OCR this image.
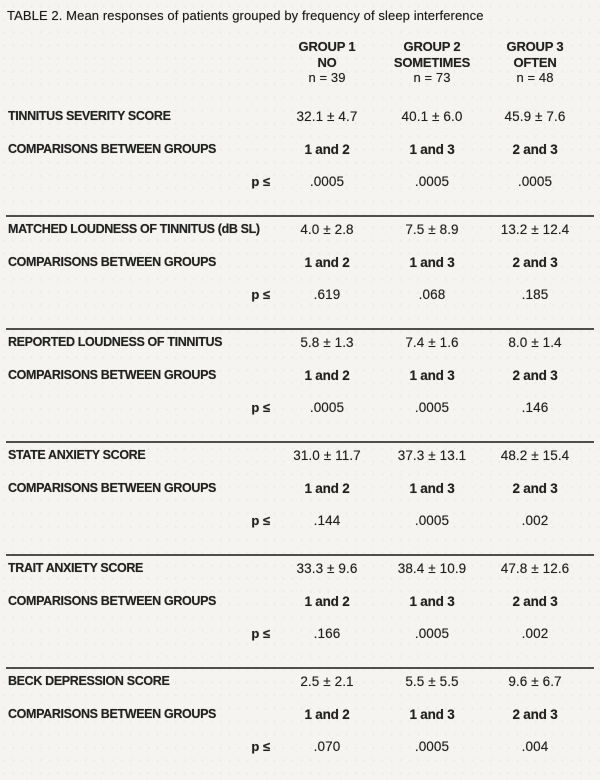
TABLE 2. Mean responses of patients grouped by frequency of sleep interference
GROUP 1
NO
n = 39
GROUP 2
SOMETIMES
n = 73
GROUP 3
OFTEN
n = 48
TINNITUS SEVERITY SCORE	32.1 ± 4.7	40.1 ± 6.0	45.9 ± 7.6
COMPARISONS BETWEEN GROUPS	1 and 2	1 and 3	2 and 3
p ≤	.0005	.0005	.0005
MATCHED LOUDNESS OF TINNITUS (dB SL)	4.0 ± 2.8	7.5 ± 8.9	13.2 ± 12.4
COMPARISONS BETWEEN GROUPS	1 and 2	1 and 3	2 and 3
p ≤	.619	.068	.185
REPORTED LOUDNESS OF TINNITUS	5.8 ± 1.3	7.4 ± 1.6	8.0 ± 1.4
COMPARISONS BETWEEN GROUPS	1 and 2	1 and 3	2 and 3
p ≤	.0005	.0005	.146
STATE ANXIETY SCORE	31.0 ± 11.7	37.3 ± 13.1	48.2 ± 15.4
COMPARISONS BETWEEN GROUPS	1 and 2	1 and 3	2 and 3
p ≤	.144	.0005	.002
TRAIT ANXIETY SCORE	33.3 ± 9.6	38.4 ± 10.9	47.8 ± 12.6
COMPARISONS BETWEEN GROUPS	1 and 2	1 and 3	2 and 3
p ≤	.166	.0005	.002
BECK DEPRESSION SCORE	2.5 ± 2.1	5.5 ± 5.5	9.6 ± 6.7
COMPARISONS BETWEEN GROUPS	1 and 2	1 and 3	2 and 3
p ≤	.070	.0005	.004
